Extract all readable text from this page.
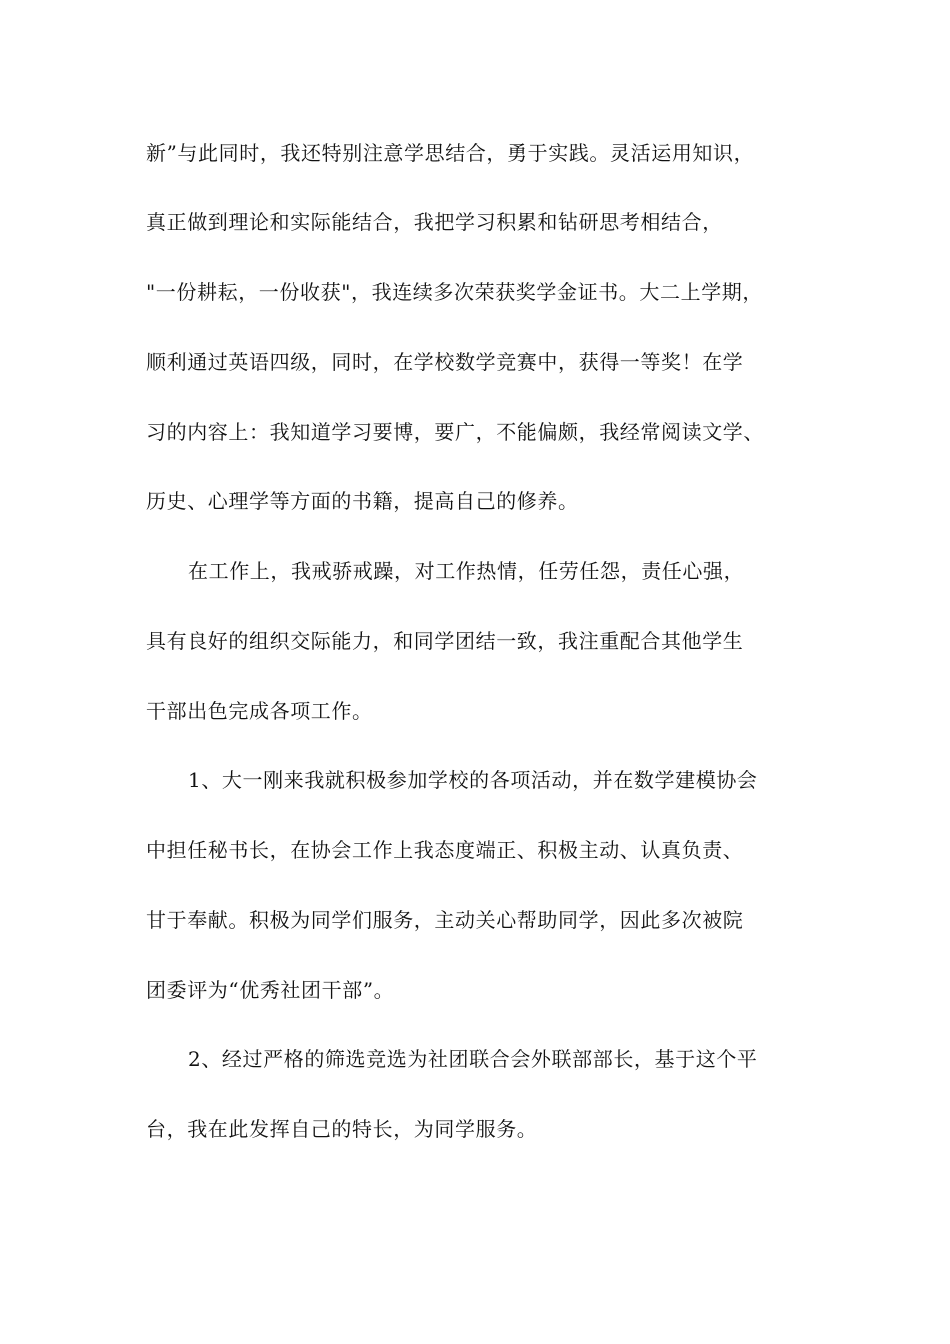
新”与此同时，我还特别注意学思结合，勇于实践。灵活运用知识，
真正做到理论和实际能结合，我把学习积累和钻研思考相结合，
"一份耕耘，一份收获"，我连续多次荣获奖学金证书。大二上学期，
顺利通过英语四级，同时，在学校数学竞赛中，获得一等奖！在学
习的内容上：我知道学习要博，要广，不能偏颇，我经常阅读文学、
历史、心理学等方面的书籍，提高自己的修养。
在工作上，我戒骄戒躁，对工作热情，任劳任怨，责任心强，
具有良好的组织交际能力，和同学团结一致，我注重配合其他学生
干部出色完成各项工作。
1、大一刚来我就积极参加学校的各项活动，并在数学建模协会
中担任秘书长，在协会工作上我态度端正、积极主动、认真负责、
甘于奉献。积极为同学们服务，主动关心帮助同学，因此多次被院
团委评为“优秀社团干部”。
2、经过严格的筛选竞选为社团联合会外联部部长，基于这个平
台，我在此发挥自己的特长，为同学服务。
